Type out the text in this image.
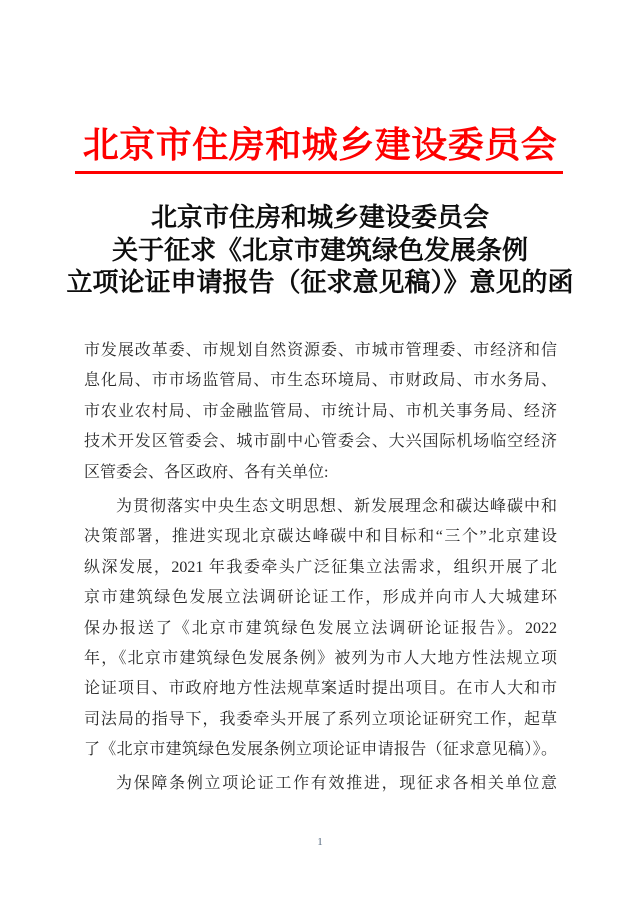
北京市住房和城乡建设委员会
北京市住房和城乡建设委员会
关于征求《北京市建筑绿色发展条例
立项论证申请报告（征求意见稿）》意见的函
市发展改革委、市规划自然资源委、市城市管理委、市经济和信
息化局、市市场监管局、市生态环境局、市财政局、市水务局、
市农业农村局、市金融监管局、市统计局、市机关事务局、经济
技术开发区管委会、城市副中心管委会、大兴国际机场临空经济
区管委会、各区政府、各有关单位:
为贯彻落实中央生态文明思想、新发展理念和碳达峰碳中和
决策部署，推进实现北京碳达峰碳中和目标和“三个”北京建设
纵深发展，2021 年我委牵头广泛征集立法需求，组织开展了北
京市建筑绿色发展立法调研论证工作，形成并向市人大城建环
保办报送了《北京市建筑绿色发展立法调研论证报告》。2022
年，《北京市建筑绿色发展条例》被列为市人大地方性法规立项
论证项目、市政府地方性法规草案适时提出项目。在市人大和市
司法局的指导下，我委牵头开展了系列立项论证研究工作，起草
了《北京市建筑绿色发展条例立项论证申请报告（征求意见稿）》。
为保障条例立项论证工作有效推进，现征求各相关单位意
1
